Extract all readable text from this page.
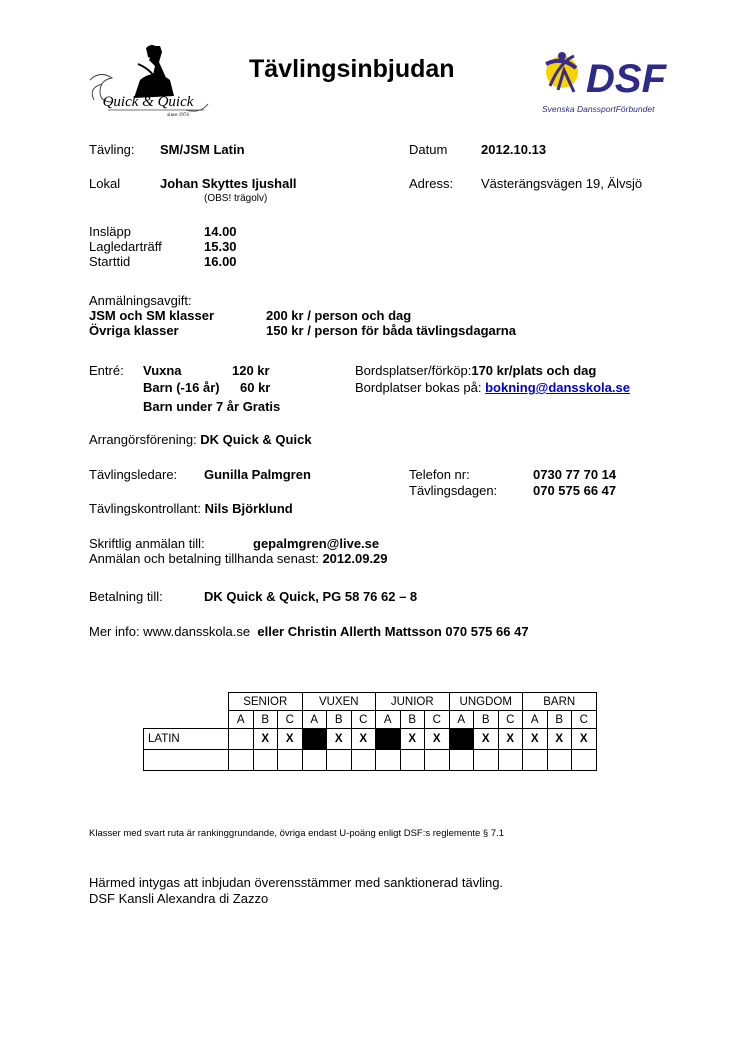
Quick & Quick
since 1974
Tävlingsinbjudan	DSF
Svenska DanssportFörbundet
Tävling: SM/JSM Latin	Datum	2012.10.13
Lokal	Johan Skyttes Ijushall
(OBS! trägolv)
Adress: Västerängsvägen 19, Älvsjö
Insläpp	14.00
Lagledarträff	15.30
Starttid	16.00
Anmälningsavgift:
JSM och SM klasser	200 kr / person och dag
Övriga klasser	150 kr / person för båda tävlingsdagarna
Entré: Vuxna	120 kr
Barn (-16 år) 60 kr
Barn under 7 år Gratis
Bordsplatser/förköp:170 kr/plats och dag
Bordplatser bokas på: bokning@dansskola.se
Arrangörsförening: DK Quick & Quick
Tävlingsledare: Gunilla Palmgren	Telefon nr:	0730 77 70 14
Tävlingsdagen:	070 575 66 47
Tävlingskontrollant: Nils Björklund
Skriftlig anmälan till:	gepalmgren@live.se
Anmälan och betalning tillhanda senast: 2012.09.29
Betalning till:	DK Quick & Quick, PG 58 76 62 – 8
Mer info: www.dansskola.se eller Christin Allerth Mattsson 070 575 66 47
	SENIOR			VUXEN			JUNIOR			UNGDOM			BARN		
	A	B	C	A	B	C	A	B	C	A	B	C	A	B	C
LATIN		X	X		X	X		X	X		X	X	X	X	X

Klasser med svart ruta är rankinggrundande, övriga endast U-poäng enligt DSF:s reglemente § 7.1
Härmed intygas att inbjudan överensstämmer med sanktionerad tävling.
DSF Kansli Alexandra di Zazzo
